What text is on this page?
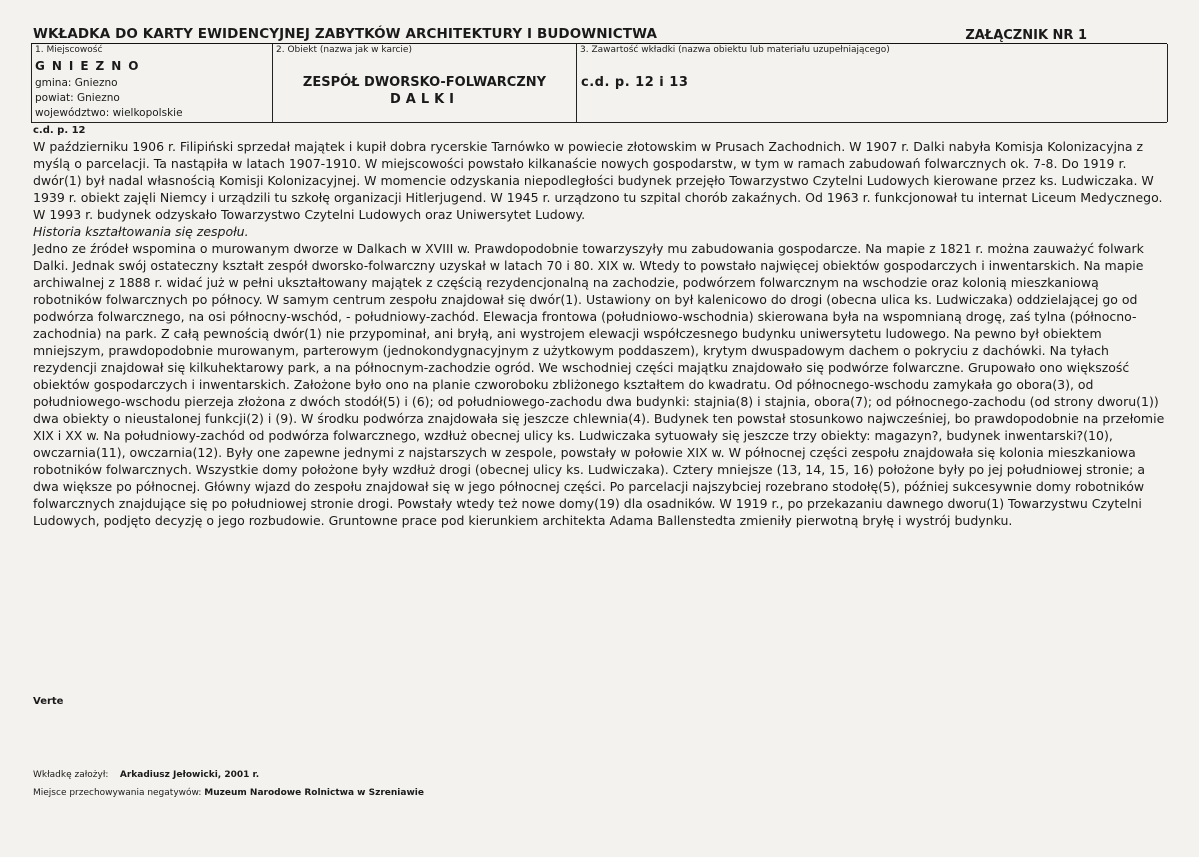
WKŁADKA DO KARTY EWIDENCYJNEJ ZABYTKÓW ARCHITEKTURY I BUDOWNICTWA	ZAŁĄCZNIK NR 1
1. Miejscowość
GNIEZNO
gmina: Gniezno
powiat: Gniezno
województwo: wielkopolskie
2. Obiekt (nazwa jak w karcie)
ZESPÓŁ DWORSKO-FOLWARCZNY
DALKI
3. Zawartość wkładki (nazwa obiektu lub materiału uzupełniającego)
c.d. p. 12 i 13
c.d. p. 12

W październiku 1906 r. Filipiński sprzedał majątek i kupił dobra rycerskie Tarnówko w powiecie złotowskim w Prusach Zachodnich. W 1907 r. Dalki nabyła Komisja Kolonizacyjna z myślą o parcelacji. Ta nastąpiła w latach 1907-1910. W miejscowości powstało kilkanaście nowych gospodarstw, w tym w ramach zabudowań folwarcznych ok. 7-8. Do 1919 r. dwór(1) był nadal własnością Komisji Kolonizacyjnej. W momencie odzyskania niepodległości budynek przejęło Towarzystwo Czytelni Ludowych kierowane przez ks. Ludwiczaka. W 1939 r. obiekt zajęli Niemcy i urządzili tu szkołę organizacji Hitlerjugend. W 1945 r. urządzono tu szpital chorób zakaźnych. Od 1963 r. funkcjonował tu internat Liceum Medycznego. W 1993 r. budynek odzyskało Towarzystwo Czytelni Ludowych oraz Uniwersytet Ludowy.

Historia kształtowania się zespołu.

Jedno ze źródeł wspomina o murowanym dworze w Dalkach w XVIII w. Prawdopodobnie towarzyszyły mu zabudowania gospodarcze. Na mapie z 1821 r. można zauważyć folwark Dalki. Jednak swój ostateczny kształt zespół dworsko-folwarczny uzyskał w latach 70 i 80. XIX w. Wtedy to powstało najwięcej obiektów gospodarczych i inwentarskich. Na mapie archiwalnej z 1888 r. widać już w pełni ukształtowany majątek z częścią rezydencjonalną na zachodzie, podwórzem folwarcznym na wschodzie oraz kolonią mieszkaniową robotników folwarcznych po północy. W samym centrum zespołu znajdował się dwór(1). Ustawiony on był kalenicowo do drogi (obecna ulica ks. Ludwiczaka) oddzielającej go od podwórza folwarcznego, na osi północny-wschód, - południowy-zachód. Elewacja frontowa (południowo-wschodnia) skierowana była na wspomnianą drogę, zaś tylna (północno-zachodnia) na park. Z całą pewnością dwór(1) nie przypominał, ani bryłą, ani wystrojem elewacji współczesnego budynku uniwersytetu ludowego. Na pewno był obiektem mniejszym, prawdopodobnie murowanym, parterowym (jednokondygnacyjnym z użytkowym poddaszem), krytym dwuspadowym dachem o pokryciu z dachówki. Na tyłach rezydencji znajdował się kilkuhektarowy park, a na północnym-zachodzie ogród. We wschodniej części majątku znajdowało się podwórze folwarczne. Grupowało ono większość obiektów gospodarczych i inwentarskich. Założone było ono na planie czworoboku zbliżonego kształtem do kwadratu. Od północnego-wschodu zamykała go obora(3), od południowego-wschodu pierzeja złożona z dwóch stodół(5) i (6); od południowego-zachodu dwa budynki: stajnia(8) i stajnia, obora(7); od północnego-zachodu (od strony dworu(1)) dwa obiekty o nieustalonej funkcji(2) i (9). W środku podwórza znajdowała się jeszcze chlewnia(4). Budynek ten powstał stosunkowo najwcześniej, bo prawdopodobnie na przełomie XIX i XX w. Na południowy-zachód od podwórza folwarcznego, wzdłuż obecnej ulicy ks. Ludwiczaka sytuowały się jeszcze trzy obiekty: magazyn?, budynek inwentarski?(10), owczarnia(11), owczarnia(12). Były one zapewne jednymi z najstarszych w zespole, powstały w połowie XIX w. W północnej części zespołu znajdowała się kolonia mieszkaniowa robotników folwarcznych. Wszystkie domy położone były wzdłuż drogi (obecnej ulicy ks. Ludwiczaka). Cztery mniejsze (13, 14, 15, 16) położone były po jej południowej stronie; a dwa większe po północnej. Główny wjazd do zespołu znajdował się w jego północnej części. Po parcelacji najszybciej rozebrano stodołę(5), później sukcesywnie domy robotników folwarcznych znajdujące się po południowej stronie drogi. Powstały wtedy też nowe domy(19) dla osadników. W 1919 r., po przekazaniu dawnego dworu(1) Towarzystwu Czytelni Ludowych, podjęto decyzję o jego rozbudowie. Gruntowne prace pod kierunkiem architekta Adama Ballenstedta zmieniły pierwotną bryłę i wystrój budynku.

Verte
Wkładkę założył: Arkadiusz Jełowicki, 2001 r.
Miejsce przechowywania negatywów: Muzeum Narodowe Rolnictwa w Szreniawie
